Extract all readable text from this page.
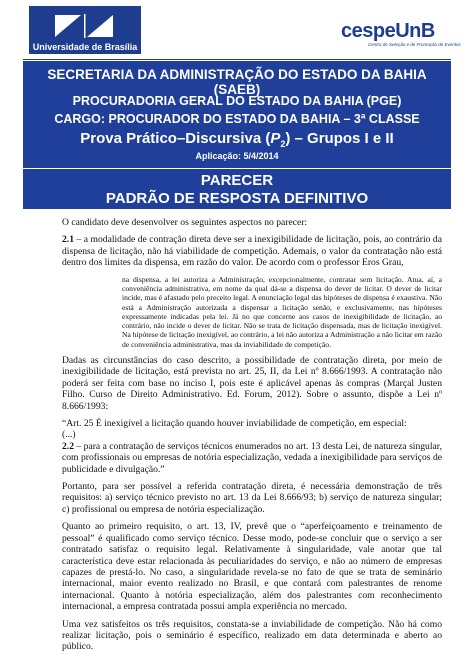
Universidade de Brasília
cespeUnB
Centro de Seleção e de Promoção de Eventos
SECRETARIA DA ADMINISTRAÇÃO DO ESTADO DA BAHIA (SAEB)
PROCURADORIA GERAL DO ESTADO DA BAHIA (PGE)
CARGO: PROCURADOR DO ESTADO DA BAHIA – 3ª CLASSE
Prova Prático–Discursiva $(P_2)$ – Grupos I e II
Aplicação: 5/4/2014
PARECER
PADRÃO DE RESPOSTA DEFINITIVO

O candidato deve desenvolver os seguintes aspectos no parecer:

2.1 – a modalidade de contração direta deve ser a inexigibilidade de licitação, pois, ao contrário da dispensa de licitação, não há viabilidade de competição. Ademais, o valor da contratação não está dentro dos limites da dispensa, em razão do valor. De acordo com o professor Eros Grau,

na dispensa, a lei autoriza a Administração, excepcionalmente, contratar sem licitação. Atua, aí, a conveniência administrativa, em nome da qual dá-se a dispensa do dever de licitar. O dever de licitar incide, mas é afastado pelo preceito legal. A enunciação legal das hipóteses de dispensa é exaustiva. Não está a Administração autorizada a dispensar a licitação senão, e exclusivamente, nas hipóteses expressamente indicadas pela lei. Já no que concerne aos casos de inexigibilidade de licitação, ao contrário, não incide o dever de licitar. Não se trata de licitação dispensada, mas de licitação inexigível. Na hipótese de licitação inexigível, ao contrário, a lei não autoriza a Administração a não licitar em razão de conveniência administrativa, mas da inviabilidade de competição.

Dadas as circunstâncias do caso descrito, a possibilidade de contratação direta, por meio de inexigibilidade de licitação, está prevista no art. 25, II, da Lei nº 8.666/1993. A contratação não poderá ser feita com base no inciso I, pois este é aplicável apenas às compras (Marçal Justen Filho. Curso de Direito Administrativo. Ed. Forum, 2012). Sobre o assunto, dispõe a Lei nº 8.666/1993:

“Art. 25 É inexigível a licitação quando houver inviabilidade de competição, em especial:
(...)

2.2 – para a contratação de serviços técnicos enumerados no art. 13 desta Lei, de natureza singular, com profissionais ou empresas de notória especialização, vedada a inexigibilidade para serviços de publicidade e divulgação.”

Portanto, para ser possível a referida contratação direta, é necessária demonstração de três requisitos: a) serviço técnico previsto no art. 13 da Lei 8.666/93; b) serviço de natureza singular; c) profissional ou empresa de notória especialização.

Quanto ao primeiro requisito, o art. 13, IV, prevê que o “aperfeiçoamento e treinamento de pessoal” é qualificado como serviço técnico. Desse modo, pode-se concluir que o serviço a ser contratado satisfaz o requisito legal. Relativamente à singularidade, vale anotar que tal característica deve estar relacionada às peculiaridades do serviço, e não ao número de empresas capazes de prestá-lo. No caso, a singularidade revela-se no fato de que se trata de seminário internacional, maior evento realizado no Brasil, e que contará com palestrantes de renome internacional. Quanto à notória especialização, além dos palestrantes com reconhecimento internacional, a empresa contratada possui ampla experiência no mercado.

Uma vez satisfeitos os três requisitos, constata-se a inviabilidade de competição. Não há como realizar licitação, pois o seminário é específico, realizado em data determinada e aberto ao público.
